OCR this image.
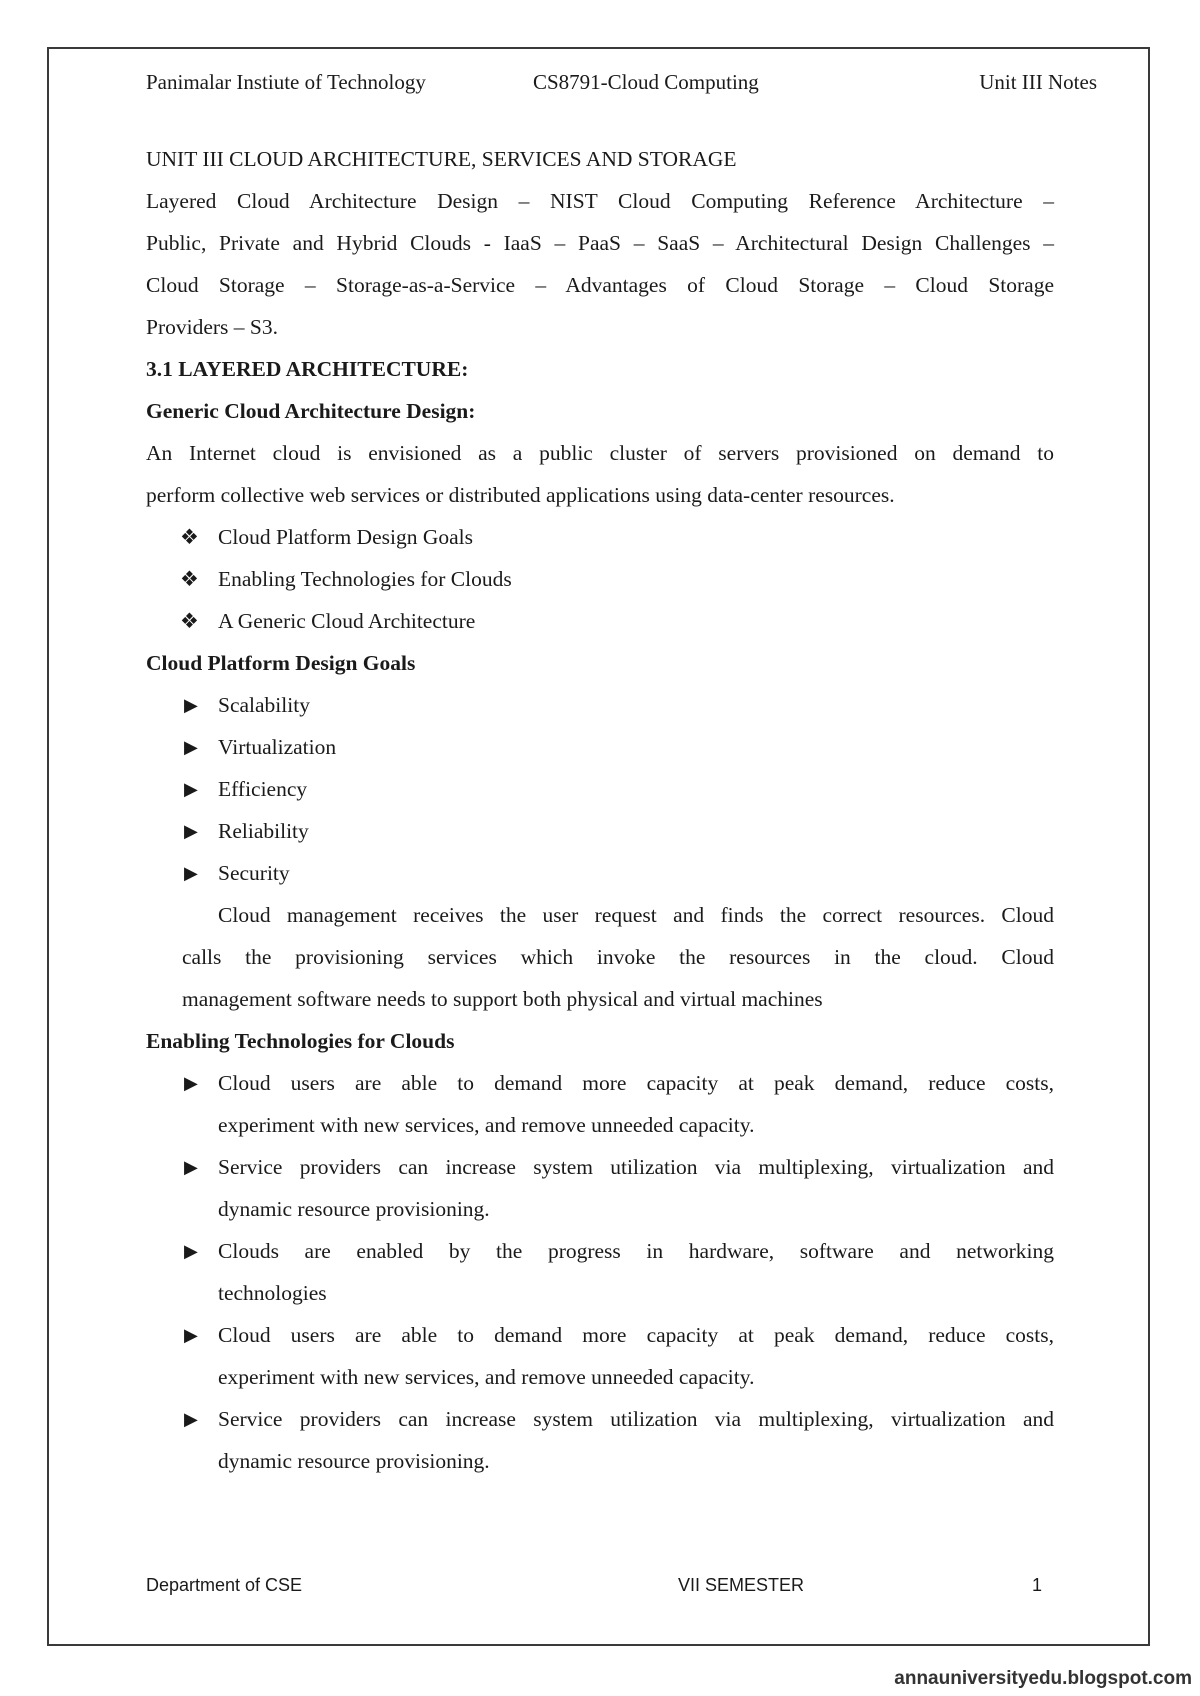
Panimalar Instiute of Technology	CS8791-Cloud Computing	Unit III Notes
UNIT III CLOUD ARCHITECTURE, SERVICES AND STORAGE
Layered Cloud Architecture Design – NIST Cloud Computing Reference Architecture –
Public, Private and Hybrid Clouds - IaaS – PaaS – SaaS – Architectural Design Challenges –
Cloud Storage – Storage-as-a-Service – Advantages of Cloud Storage – Cloud Storage
Providers – S3.
3.1 LAYERED ARCHITECTURE:
Generic Cloud Architecture Design:
An Internet cloud is envisioned as a public cluster of servers provisioned on demand to
perform collective web services or distributed applications using data-center resources.
❖ Cloud Platform Design Goals
❖ Enabling Technologies for Clouds
❖ A Generic Cloud Architecture
Cloud Platform Design Goals
▶ Scalability
▶ Virtualization
▶ Efficiency
▶ Reliability
▶ Security
Cloud management receives the user request and finds the correct resources. Cloud
calls the provisioning services which invoke the resources in the cloud. Cloud
management software needs to support both physical and virtual machines
Enabling Technologies for Clouds
▶ Cloud users are able to demand more capacity at peak demand, reduce costs,
experiment with new services, and remove unneeded capacity.
▶ Service providers can increase system utilization via multiplexing, virtualization and
dynamic resource provisioning.
▶ Clouds are enabled by the progress in hardware, software and networking
technologies
▶ Cloud users are able to demand more capacity at peak demand, reduce costs,
experiment with new services, and remove unneeded capacity.
▶ Service providers can increase system utilization via multiplexing, virtualization and
dynamic resource provisioning.
Department of CSE	VII SEMESTER	1
annauniversityedu.blogspot.com
